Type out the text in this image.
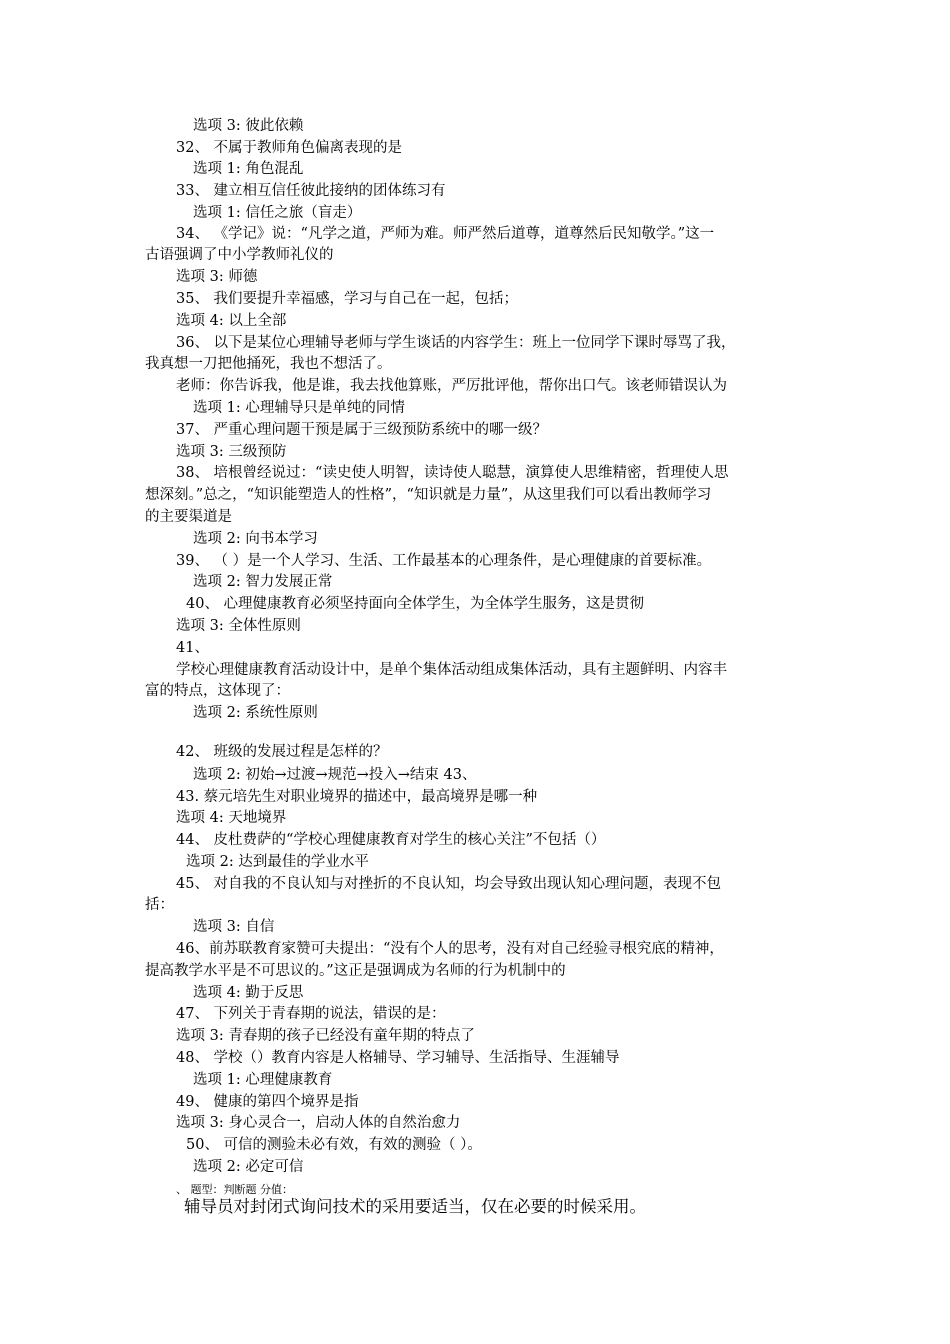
选项 3: 彼此依赖
32、 不属于教师角色偏离表现的是
选项 1: 角色混乱
33、 建立相互信任彼此接纳的团体练习有
选项 1: 信任之旅（盲走）
34、 《学记》说：“凡学之道，严师为难。师严然后道尊，道尊然后民知敬学。”这一
古语强调了中小学教师礼仪的
选项 3: 师德
35、 我们要提升幸福感，学习与自己在一起，包括；
选项 4: 以上全部
36、 以下是某位心理辅导老师与学生谈话的内容学生：班上一位同学下课时辱骂了我，
我真想一刀把他捅死，我也不想活了。
老师：你告诉我，他是谁，我去找他算账，严厉批评他，帮你出口气。该老师错误认为
选项 1: 心理辅导只是单纯的同情
37、 严重心理问题干预是属于三级预防系统中的哪一级？
选项 3: 三级预防
38、 培根曾经说过：“读史使人明智，读诗使人聪慧，演算使人思维精密，哲理使人思
想深刻。”总之，“知识能塑造人的性格”，“知识就是力量”，从这里我们可以看出教师学习
的主要渠道是
选项 2: 向书本学习
39、 （ ）是一个人学习、生活、工作最基本的心理条件，是心理健康的首要标准。
选项 2: 智力发展正常
40、 心理健康教育必须坚持面向全体学生，为全体学生服务，这是贯彻
选项 3: 全体性原则
41、
学校心理健康教育活动设计中，是单个集体活动组成集体活动，具有主题鲜明、内容丰
富的特点，这体现了：
选项 2: 系统性原则
42、 班级的发展过程是怎样的？
选项 2: 初始→过渡→规范→投入→结束 43、
43. 蔡元培先生对职业境界的描述中，最高境界是哪一种
选项 4: 天地境界
44、 皮杜费萨的“学校心理健康教育对学生的核心关注”不包括（）
选项 2: 达到最佳的学业水平
45、 对自我的不良认知与对挫折的不良认知，均会导致出现认知心理问题，表现不包
括：
选项 3: 自信
46、前苏联教育家赞可夫提出：“没有个人的思考，没有对自己经验寻根究底的精神，
提高教学水平是不可思议的。”这正是强调成为名师的行为机制中的
选项 4: 勤于反思
47、 下列关于青春期的说法，错误的是：
选项 3: 青春期的孩子已经没有童年期的特点了
48、 学校（）教育内容是人格辅导、学习辅导、生活指导、生涯辅导
选项 1: 心理健康教育
49、 健康的第四个境界是指
选项 3: 身心灵合一，启动人体的自然治愈力
50、 可信的测验未必有效，有效的测验（ ）。
选项 2: 必定可信
、 题型：判断题 分值：
辅导员对封闭式询问技术的采用要适当，仅在必要的时候采用。
